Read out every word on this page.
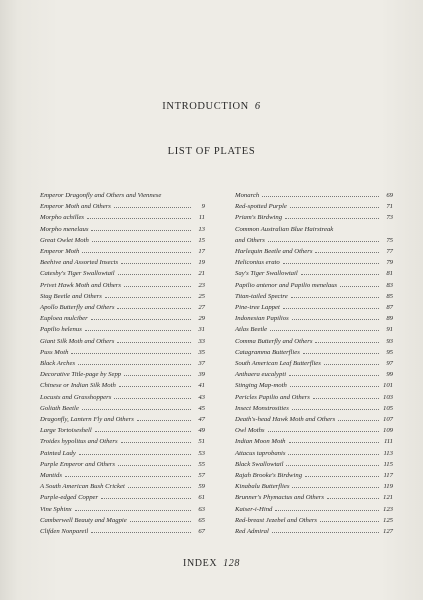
INTRODUCTION 6
LIST OF PLATES
Emperor Dragonfly and Others and Viennese
Emperor Moth and Others	9
Morpho achilles	11
Morpho menelaus	13
Great Owlet Moth	15
Emperor Moth	17
Beehive and Assorted Insects	19
Catesby's Tiger Swallowtail	21
Privet Hawk Moth and Others	23
Stag Beetle and Others	25
Apollo Butterfly and Others	27
Euploea mulciber	29
Papilio helenus	31
Giant Silk Moth and Others	33
Puss Moth	35
Black Arches	37
Decorative Title-page by Sepp	39
Chinese or Indian Silk Moth	41
Locusts and Grasshoppers	43
Goliath Beetle	45
Dragonfly, Lantern Fly and Others	47
Large Tortoiseshell	49
Troides hypolitus and Others	51
Painted Lady	53
Purple Emperor and Others	55
Mantids	57
A South American Bush Cricket	59
Purple-edged Copper	61
Vine Sphinx	63
Camberwell Beauty and Magpie	65
Clifden Nonpareil	67
Monarch	69
Red-spotted Purple	71
Priam's Birdwing	73
Common Australian Blue Hairstreak
and Others	75
Harlequin Beetle and Others	77
Heliconius erato	79
Say's Tiger Swallowtail	81
Papilio antenor and Papilio menelaus	83
Titan-tailed Spectre	85
Pine-tree Lappet	87
Indonesian Papilios	89
Atlas Beetle	91
Comma Butterfly and Others	93
Catagramma Butterflies	95
South American Leaf Butterflies	97
Anthaera eucalypti	99
Stinging Map-moth	101
Pericles Papilio and Others	103
Insect Monstrosities	105
Death's-head Hawk Moth and Others	107
Owl Moths	109
Indian Moon Moth	111
Attacus taprobanis	113
Black Swallowtail	115
Rajah Brooke's Birdwing	117
Kinabalu Butterflies	119
Brunner's Phymactus and Others	121
Kaiser-i-Hind	123
Red-breast Jezebel and Others	125
Red Admiral	127
INDEX 128
